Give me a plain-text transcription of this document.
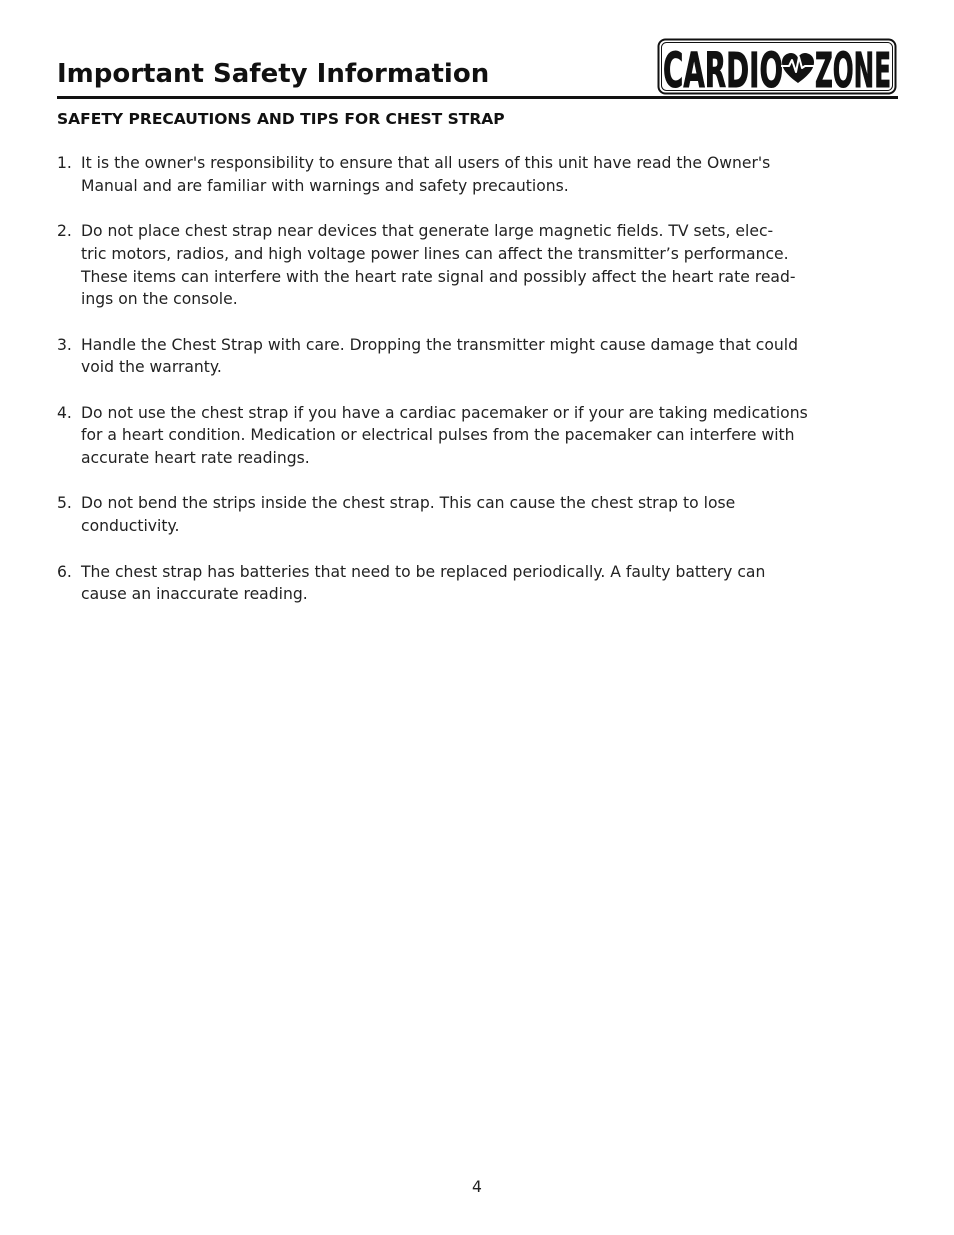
Important Safety Information	CARDIO ZONE
SAFETY PRECAUTIONS AND TIPS FOR CHEST STRAP
1. It is the owner's responsibility to ensure that all users of this unit have read the Owner's
Manual and are familiar with warnings and safety precautions.
2. Do not place chest strap near devices that generate large magnetic fields. TV sets, elec-
tric motors, radios, and high voltage power lines can affect the transmitter’s performance.
These items can interfere with the heart rate signal and possibly affect the heart rate read-
ings on the console.
3. Handle the Chest Strap with care. Dropping the transmitter might cause damage that could
void the warranty.
4. Do not use the chest strap if you have a cardiac pacemaker or if your are taking medications
for a heart condition. Medication or electrical pulses from the pacemaker can interfere with
accurate heart rate readings.
5. Do not bend the strips inside the chest strap. This can cause the chest strap to lose
conductivity.
6. The chest strap has batteries that need to be replaced periodically. A faulty battery can
cause an inaccurate reading.
4
